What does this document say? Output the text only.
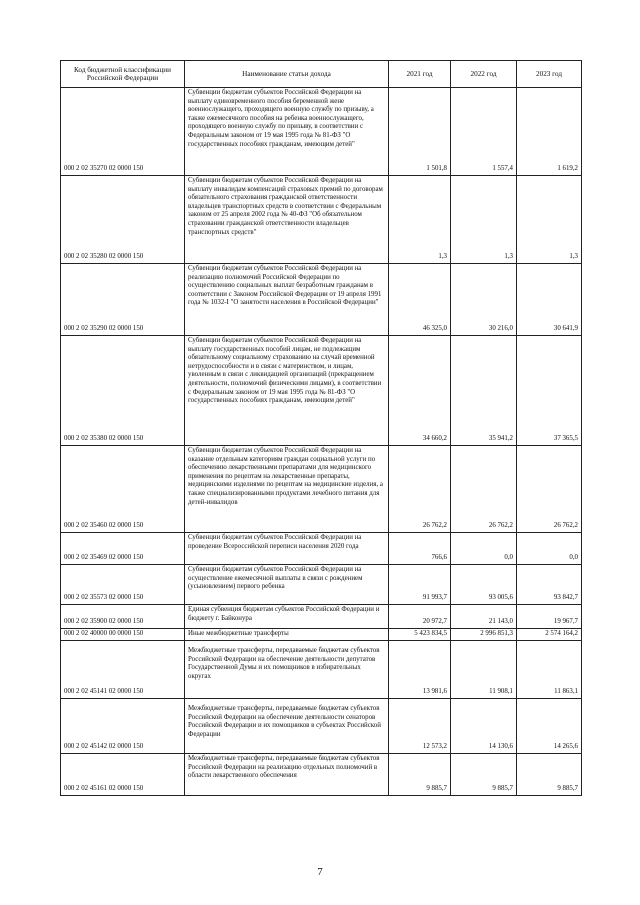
Код бюджетной классификации Российской Федерации	Наименование статьи дохода	2021 год	2022 год	2023 год
000 2 02 35270 02 0000 150	Субвенции бюджетам субъектов Российской Федерации на выплату единовременного пособия беременной жене военнослужащего, проходящего военную службу по призыву, а также ежемесячного пособия на ребенка военнослужащего, проходящего военную службу по призыву, в соответствии с Федеральным законом от 19 мая 1995 года № 81-ФЗ "О государственных пособиях гражданам, имеющим детей"	1 501,8	1 557,4	1 619,2
000 2 02 35280 02 0000 150	Субвенции бюджетам субъектов Российской Федерации на выплату инвалидам компенсаций страховых премий по договорам обязательного страхования гражданской ответственности владельцев транспортных средств в соответствии с Федеральным законом от 25 апреля 2002 года № 40-ФЗ "Об обязательном страховании гражданской ответственности владельцев транспортных средств"	1,3	1,3	1,3
000 2 02 35290 02 0000 150	Субвенции бюджетам субъектов Российской Федерации на реализацию полномочий Российской Федерации по осуществлению социальных выплат безработным гражданам в соответствии с Законом Российской Федерации от 19 апреля 1991 года № 1032-I "О занятости населения в Российской Федерации"	46 325,0	30 216,0	30 641,9
000 2 02 35380 02 0000 150	Субвенции бюджетам субъектов Российской Федерации на выплату государственных пособий лицам, не подлежащим обязательному социальному страхованию на случай временной нетрудоспособности и в связи с материнством, и лицам, уволенным в связи с ликвидацией организаций (прекращением деятельности, полномочий физическими лицами), в соответствии с Федеральным законом от 19 мая 1995 года № 81-ФЗ "О государственных пособиях гражданам, имеющим детей"	34 660,2	35 941,2	37 365,5
000 2 02 35460 02 0000 150	Субвенции бюджетам субъектов Российской Федерации на оказание отдельным категориям граждан социальной услуги по обеспечению лекарственными препаратами для медицинского применения по рецептам на лекарственные препараты, медицинскими изделиями по рецептам на медицинские изделия, а также специализированными продуктами лечебного питания для детей-инвалидов	26 762,2	26 762,2	26 762,2
000 2 02 35469 02 0000 150	Субвенции бюджетам субъектов Российской Федерации на проведение Всероссийской переписи населения 2020 года	766,6	0,0	0,0
000 2 02 35573 02 0000 150	Субвенции бюджетам субъектов Российской Федерации на осуществление ежемесячной выплаты в связи с рождением (усыновлением) первого ребенка	91 993,7	93 005,6	93 842,7
000 2 02 35900 02 0000 150	Единая субвенция бюджетам субъектов Российской Федерации и бюджету г. Байконура	20 972,7	21 143,0	19 967,7
000 2 02 40000 00 0000 150	Иные межбюджетные трансферты	5 423 834,5	2 996 851,3	2 574 164,2
000 2 02 45141 02 0000 150	Межбюджетные трансферты, передаваемые бюджетам субъектов Российской Федерации на обеспечение деятельности депутатов Государственной Думы и их помощников в избирательных округах	13 981,6	11 908,1	11 863,1
000 2 02 45142 02 0000 150	Межбюджетные трансферты, передаваемые бюджетам субъектов Российской Федерации на обеспечение деятельности сенаторов Российской Федерации и их помощников в субъектах Российской Федерации	12 573,2	14 130,6	14 265,6
000 2 02 45161 02 0000 150	Межбюджетные трансферты, передаваемые бюджетам субъектов Российской Федерации на реализацию отдельных полномочий в области лекарственного обеспечения	9 885,7	9 885,7	9 885,7
7
